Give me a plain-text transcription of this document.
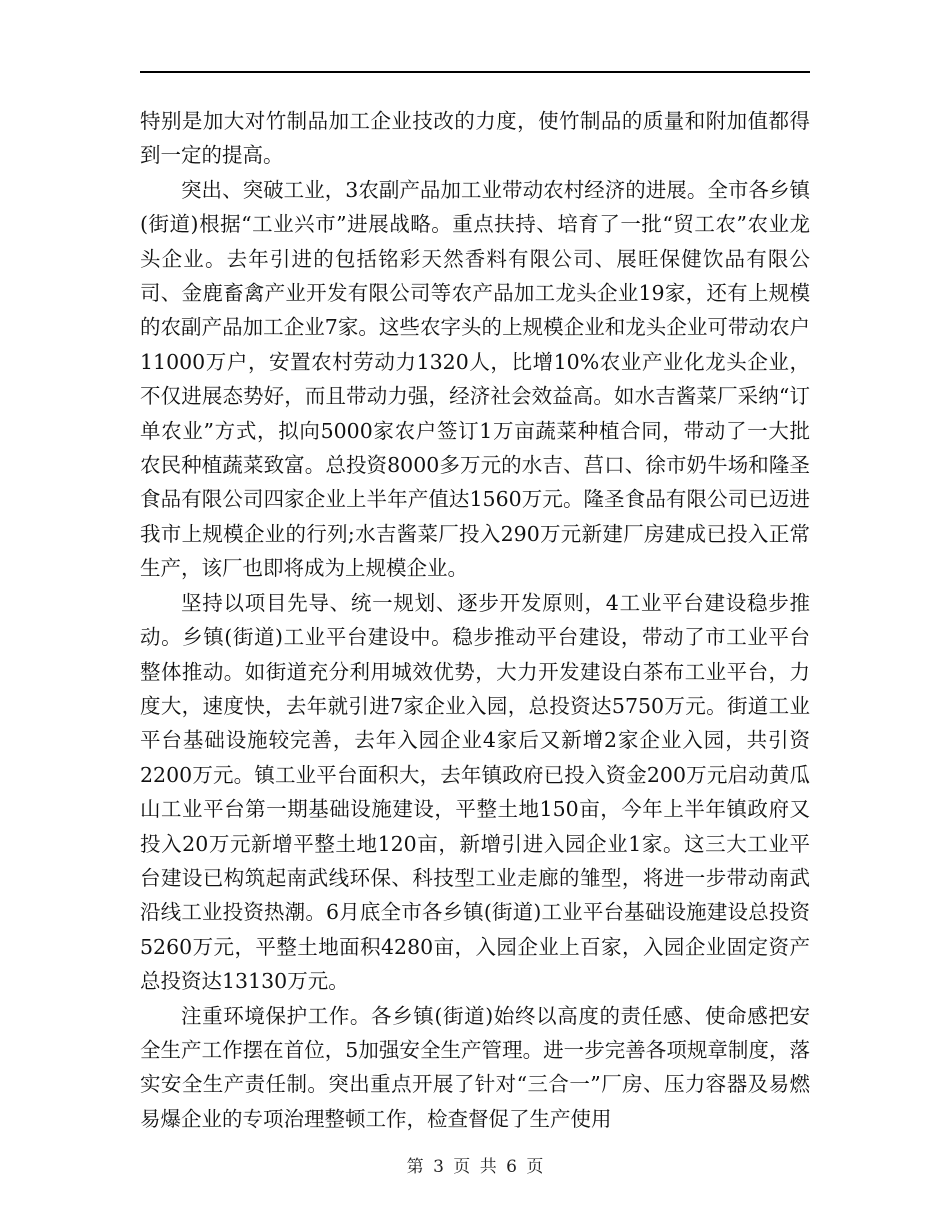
特别是加大对竹制品加工企业技改的力度，使竹制品的质量和附加值都得到一定的提高。

突出、突破工业，3农副产品加工业带动农村经济的进展。全市各乡镇(街道)根据“工业兴市”进展战略。重点扶持、培育了一批“贸工农”农业龙头企业。去年引进的包括铭彩天然香料有限公司、展旺保健饮品有限公司、金鹿畜禽产业开发有限公司等农产品加工龙头企业19家，还有上规模的农副产品加工企业7家。这些农字头的上规模企业和龙头企业可带动农户11000万户，安置农村劳动力1320人，比增10%农业产业化龙头企业，不仅进展态势好，而且带动力强，经济社会效益高。如水吉酱菜厂采纳“订单农业”方式，拟向5000家农户签订1万亩蔬菜种植合同，带动了一大批农民种植蔬菜致富。总投资8000多万元的水吉、莒口、徐市奶牛场和隆圣食品有限公司四家企业上半年产值达1560万元。隆圣食品有限公司已迈进我市上规模企业的行列;水吉酱菜厂投入290万元新建厂房建成已投入正常生产，该厂也即将成为上规模企业。

坚持以项目先导、统一规划、逐步开发原则，4工业平台建设稳步推动。乡镇(街道)工业平台建设中。稳步推动平台建设，带动了市工业平台整体推动。如街道充分利用城效优势，大力开发建设白茶布工业平台，力度大，速度快，去年就引进7家企业入园，总投资达5750万元。街道工业平台基础设施较完善，去年入园企业4家后又新增2家企业入园，共引资2200万元。镇工业平台面积大，去年镇政府已投入资金200万元启动黄瓜山工业平台第一期基础设施建设，平整土地150亩，今年上半年镇政府又投入20万元新增平整土地120亩，新增引进入园企业1家。这三大工业平台建设已构筑起南武线环保、科技型工业走廊的雏型，将进一步带动南武沿线工业投资热潮。6月底全市各乡镇(街道)工业平台基础设施建设总投资5260万元，平整土地面积4280亩，入园企业上百家，入园企业固定资产总投资达13130万元。

注重环境保护工作。各乡镇(街道)始终以高度的责任感、使命感把安全生产工作摆在首位，5加强安全生产管理。进一步完善各项规章制度，落实安全生产责任制。突出重点开展了针对“三合一”厂房、压力容器及易燃易爆企业的专项治理整顿工作，检查督促了生产使用

第 3 页 共 6 页
